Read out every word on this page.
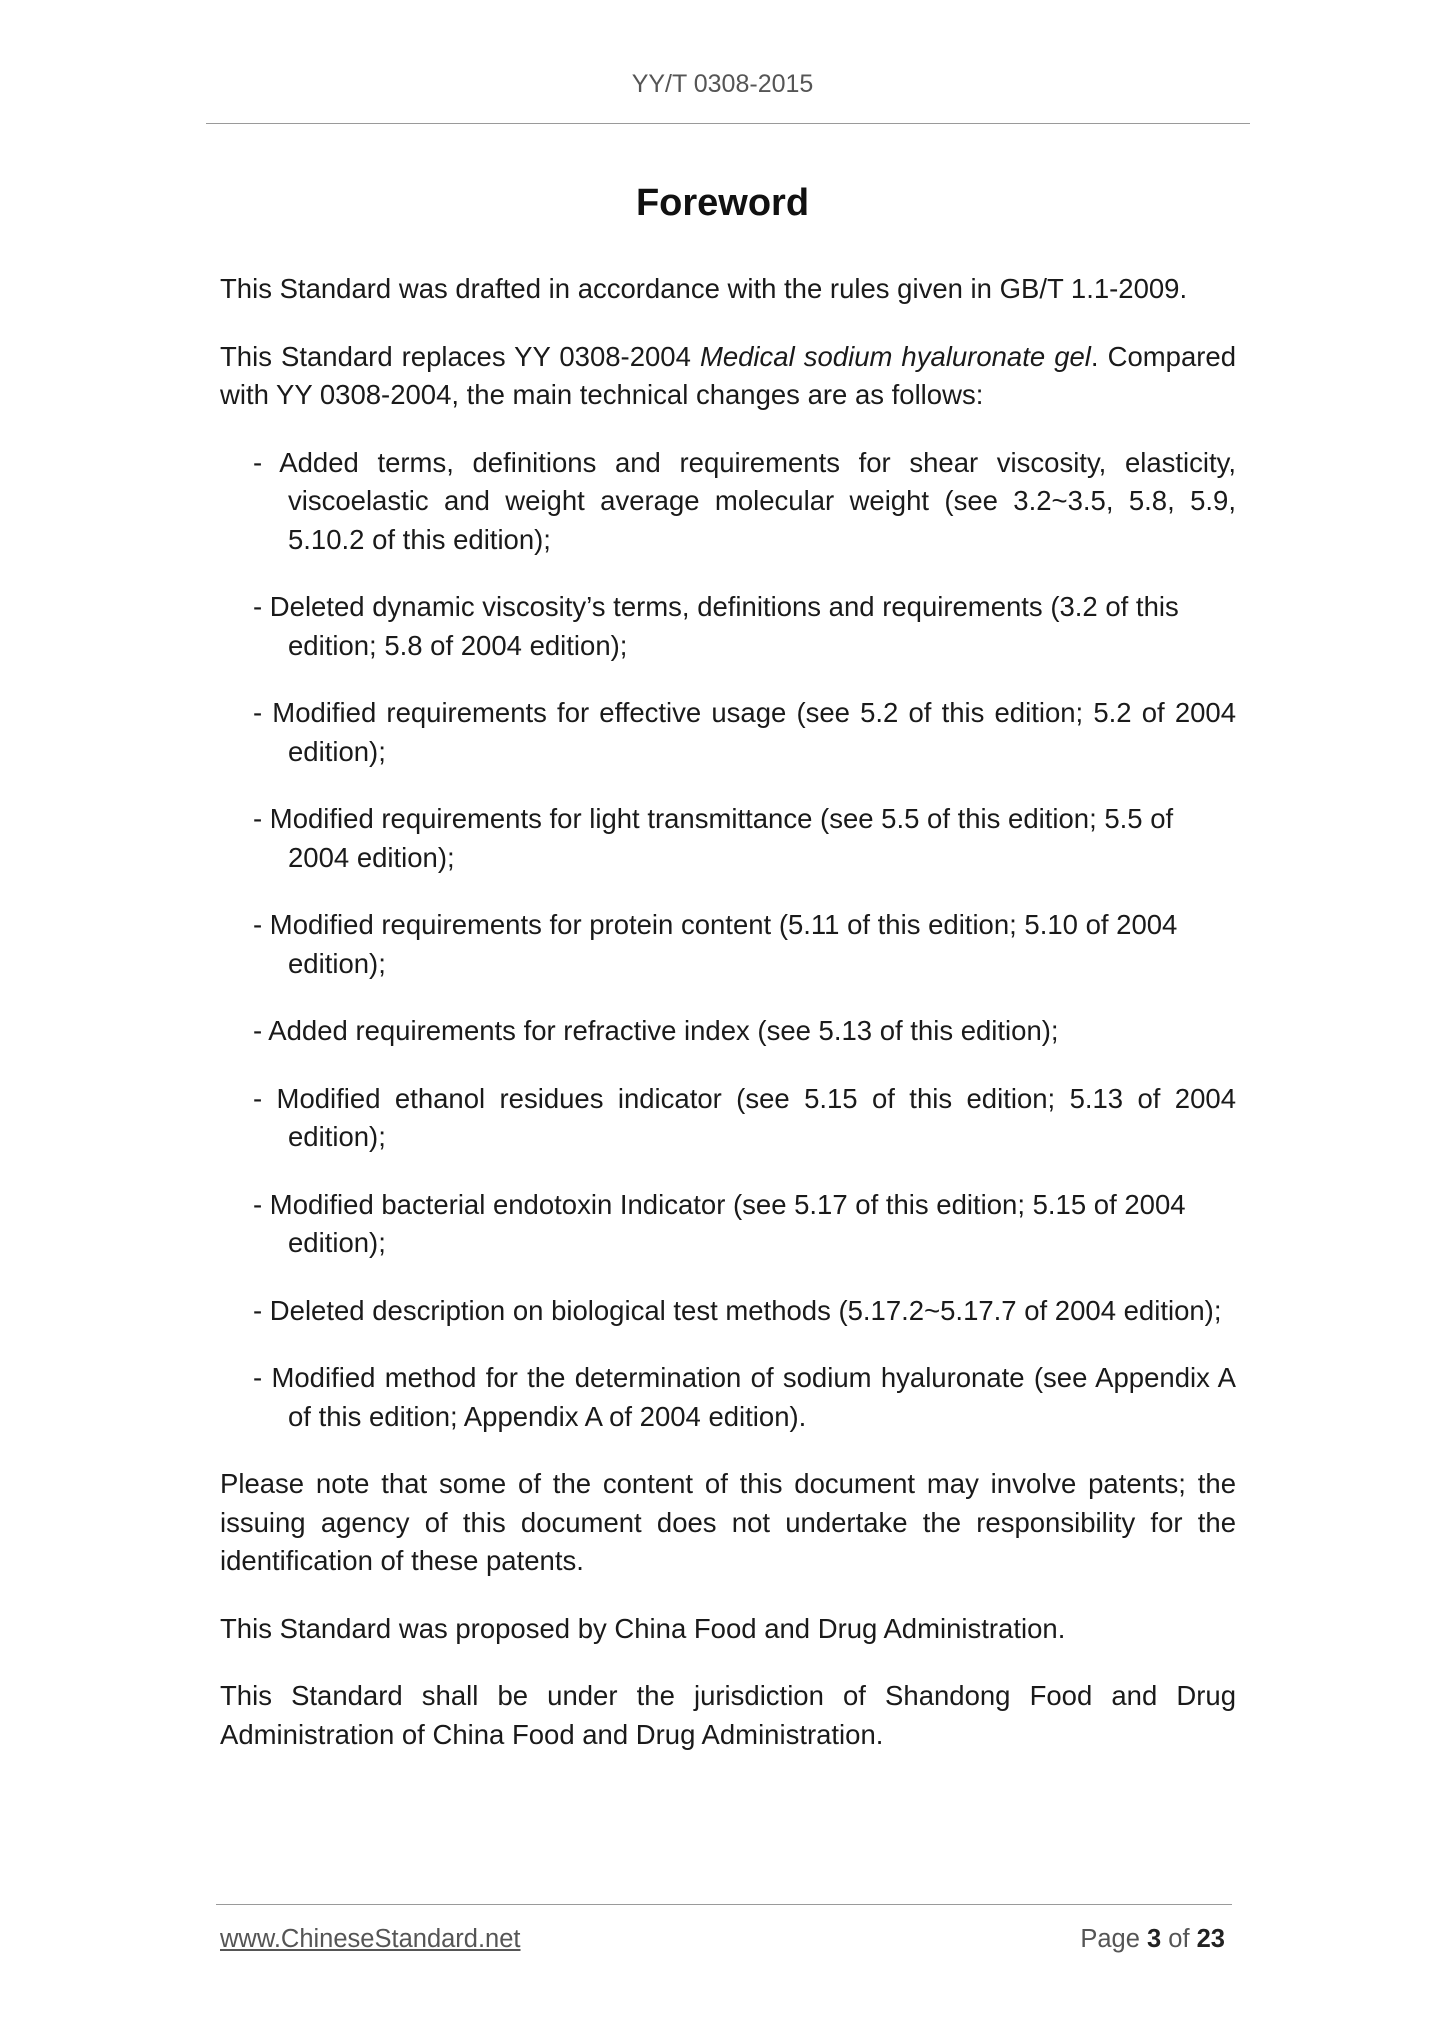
YY/T 0308-2015
Foreword

This Standard was drafted in accordance with the rules given in GB/T 1.1-2009.

This Standard replaces YY 0308-2004 Medical sodium hyaluronate gel. Compared with YY 0308-2004, the main technical changes are as follows:

- Added terms, definitions and requirements for shear viscosity, elasticity, viscoelastic and weight average molecular weight (see 3.2~3.5, 5.8, 5.9, 5.10.2 of this edition);
- Deleted dynamic viscosity’s terms, definitions and requirements (3.2 of this edition; 5.8 of 2004 edition);
- Modified requirements for effective usage (see 5.2 of this edition; 5.2 of 2004 edition);
- Modified requirements for light transmittance (see 5.5 of this edition; 5.5 of 2004 edition);
- Modified requirements for protein content (5.11 of this edition; 5.10 of 2004 edition);
- Added requirements for refractive index (see 5.13 of this edition);
- Modified ethanol residues indicator (see 5.15 of this edition; 5.13 of 2004 edition);
- Modified bacterial endotoxin Indicator (see 5.17 of this edition; 5.15 of 2004 edition);
- Deleted description on biological test methods (5.17.2~5.17.7 of 2004 edition);
- Modified method for the determination of sodium hyaluronate (see Appendix A of this edition; Appendix A of 2004 edition).

Please note that some of the content of this document may involve patents; the issuing agency of this document does not undertake the responsibility for the identification of these patents.

This Standard was proposed by China Food and Drug Administration.

This Standard shall be under the jurisdiction of Shandong Food and Drug Administration of China Food and Drug Administration.

www.ChineseStandard.net	Page 3 of 23
